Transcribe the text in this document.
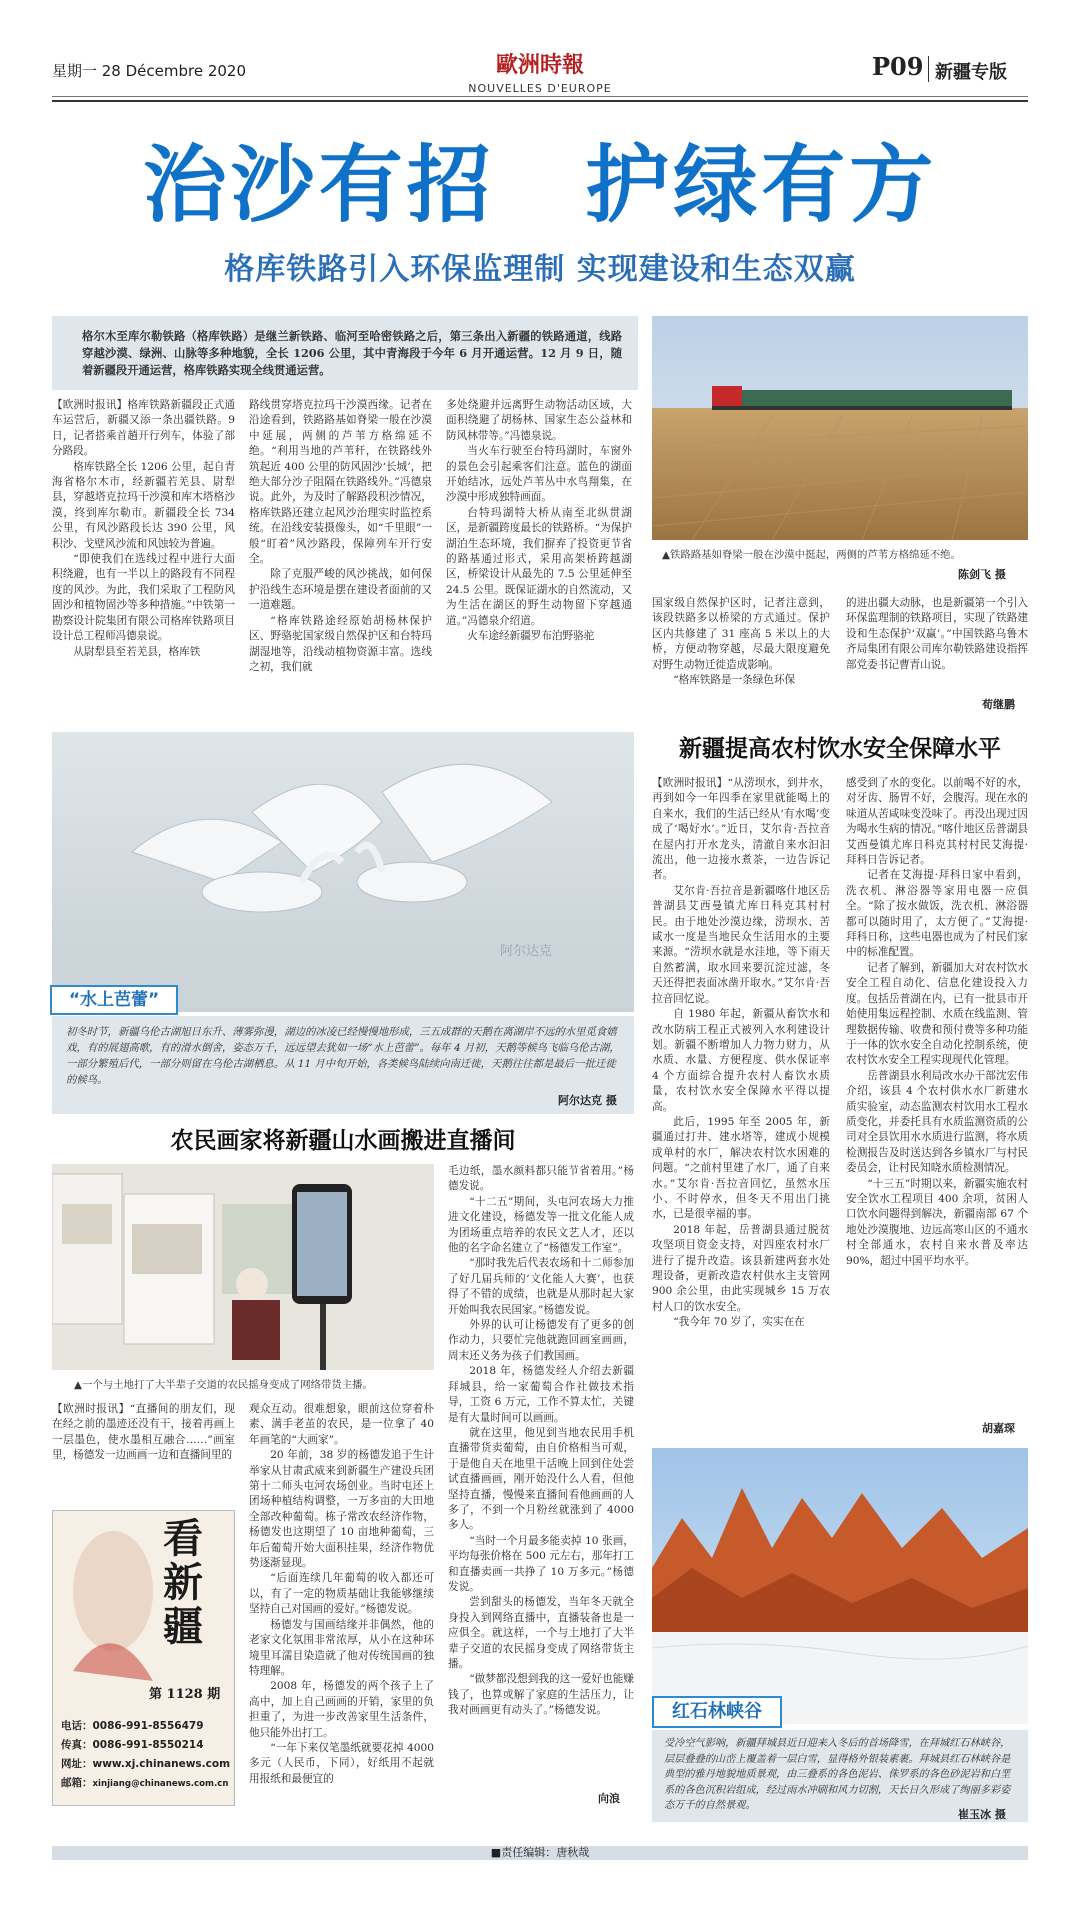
星期一 28 Décembre 2020	歐洲時報
NOUVELLES D'EUROPE
P09 新疆专版
治沙有招 护绿有方
格库铁路引入环保监理制 实现建设和生态双赢
格尔木至库尔勒铁路（格库铁路）是继兰新铁路、临河至哈密铁路之后，第三条出入新疆的铁路通道，线路穿越沙漠、绿洲、山脉等多种地貌，全长 1206 公里，其中青海段于今年 6 月开通运营。12 月 9 日，随着新疆段开通运营，格库铁路实现全线贯通运营。
▲铁路路基如脊梁一般在沙漠中挺起，两侧的芦苇方格绵延不绝。
陈剑飞 摄

【欧洲时报讯】格库铁路新疆段正式通车运营后，新疆又添一条出疆铁路。9 日，记者搭乘首趟开行列车，体验了部分路段。

格库铁路全长 1206 公里，起自青海省格尔木市，经新疆若羌县、尉犁县，穿越塔克拉玛干沙漠和库木塔格沙漠，终到库尔勒市。新疆段全长 734 公里，有风沙路段长达 390 公里，风积沙、戈壁风沙流和风蚀较为普遍。

“即使我们在选线过程中进行大面积绕避，也有一半以上的路段有不同程度的风沙。为此，我们采取了工程防风固沙和植物固沙等多种措施。”中铁第一勘察设计院集团有限公司格库铁路项目设计总工程师冯德泉说。

从尉犁县至若羌县，格库铁

路线贯穿塔克拉玛干沙漠西缘。记者在沿途看到，铁路路基如脊梁一般在沙漠中延展，两侧的芦苇方格绵延不绝。“利用当地的芦苇秆，在铁路线外筑起近 400 公里的防风固沙‘长城’，把绝大部分沙子阻隔在铁路线外。”冯德泉说。此外，为及时了解路段积沙情况，格库铁路还建立起风沙治理实时监控系统。在沿线安装摄像头，如“千里眼”一般“盯着”风沙路段，保障列车开行安全。

除了克服严峻的风沙挑战，如何保护沿线生态环境是摆在建设者面前的又一道难题。

“格库铁路途经原始胡杨林保护区、野骆驼国家级自然保护区和台特玛湖湿地等，沿线动植物资源丰富。选线之初，我们就

多处绕避并远离野生动物活动区域，大面积绕避了胡杨林、国家生态公益林和防风林带等。”冯德泉说。

当火车行驶至台特玛湖时，车窗外的景色会引起乘客们注意。蓝色的湖面开始结冰，远处芦苇丛中水鸟翔集，在沙漠中形成独特画面。

台特玛湖特大桥从南至北纵贯湖区，是新疆跨度最长的铁路桥。“为保护湖泊生态环境，我们摒弃了投资更节省的路基通过形式，采用高架桥跨越湖区，桥梁设计从最先的 7.5 公里延伸至 24.5 公里。既保证湖水的自然流动，又为生活在湖区的野生动物留下穿越通道。”冯德泉介绍道。

火车途经新疆罗布泊野骆驼

国家级自然保护区时，记者注意到，该段铁路多以桥梁的方式通过。保护区内共修建了 31 座高 5 米以上的大桥，方便动物穿越，尽最大限度避免对野生动物迁徙造成影响。

“格库铁路是一条绿色环保

的进出疆大动脉，也是新疆第一个引入环保监理制的铁路项目，实现了铁路建设和生态保护‘双赢’。”中国铁路乌鲁木齐局集团有限公司库尔勒铁路建设指挥部党委书记曹青山说。

荀继鹏
阿尔达克
“水上芭蕾”
初冬时节，新疆乌伦古湖旭日东升、薄雾弥漫，湖边的冰凌已经慢慢地形成，三五成群的天鹅在离湖岸不远的水里觅食嬉戏，有的展翅高歌，有的滑水倒舍，姿态万千，远远望去犹如一场“水上芭蕾”。每年 4 月初，天鹅等候鸟飞临乌伦古湖，一部分繁殖后代，一部分则留在乌伦古湖栖息。从 11 月中旬开始，各类候鸟陆续向南迁徙，天鹅往往都是最后一批迁徙的候鸟。
阿尔达克 摄
新疆提高农村饮水安全保障水平

【欧洲时报讯】“从涝坝水，到井水，再到如今一年四季在家里就能喝上的自来水，我们的生活已经从‘有水喝’变成了‘喝好水’。”近日，艾尔肯·吾拉音在屋内打开水龙头，清澈自来水汩汩流出，他一边接水煮茶，一边告诉记者。

艾尔肯·吾拉音是新疆喀什地区岳普湖县艾西曼镇尤库日科克其村村民。由于地处沙漠边缘，涝坝水、苦咸水一度是当地民众生活用水的主要来源。“涝坝水就是水洼地，等下雨天自然蓄满，取水回来要沉淀过滤，冬天还得把表面冰凿开取水。”艾尔肯·吾拉音回忆说。

自 1980 年起，新疆从畜饮水和改水防病工程正式被列入水利建设计划。新疆不断增加人力物力财力，从水质、水量、方便程度、供水保证率 4 个方面综合提升农村人畜饮水质量，农村饮水安全保障水平得以提高。

此后，1995 年至 2005 年，新疆通过打井、建水塔等，建成小规模成单村的水厂，解决农村饮水困难的问题。“之前村里建了水厂，通了自来水。”艾尔肯·吾拉音回忆，虽然水压小、不时停水，但冬天不用出门挑水，已是很幸福的事。

2018 年起，岳普湖县通过脱贫攻坚项目资金支持，对四座农村水厂进行了提升改造。该县新建两套水处理设备，更新改造农村供水主支管网 900 余公里，由此实现城乡 15 万农村人口的饮水安全。

“我今年 70 岁了，实实在在

感受到了水的变化。以前喝不好的水，对牙齿、肠胃不好，会腹泻。现在水的味道从苦咸味变没味了。再没出现过因为喝水生病的情况。”喀什地区岳普湖县艾西曼镇尤库日科克其村村民艾海提·拜科日告诉记者。

记者在艾海提·拜科日家中看到，洗衣机、淋浴器等家用电器一应俱全。“除了按水做饭，洗衣机、淋浴器都可以随时用了，太方便了。”艾海提·拜科日称，这些电器也成为了村民们家中的标准配置。

记者了解到，新疆加大对农村饮水安全工程自动化、信息化建设投入力度。包括岳普湖在内，已有一批县市开始使用集远程控制、水质在线监测、管理数据传输、收费和预付费等多种功能于一体的饮水安全自动化控制系统，使农村饮水安全工程实现现代化管理。

岳普湖县水利局改水办干部沈宏伟介绍，该县 4 个农村供水水厂新建水质实验室，动态监测农村饮用水工程水质变化，并委托具有水质监测资质的公司对全县饮用水水质进行监测，将水质检测报告及时送达到各乡镇水厂与村民委员会，让村民知晓水质检测情况。

“十三五”时期以来，新疆实施农村安全饮水工程项目 400 余项，贫困人口饮水问题得到解决，新疆南部 67 个地处沙漠腹地、边远高寒山区的不通水村全部通水，农村自来水普及率达 90%，超过中国平均水平。

胡嘉琛
农民画家将新疆山水画搬进直播间
▲一个与土地打了大半辈子交道的农民摇身变成了网络带货主播。

【欧洲时报讯】“直播间的朋友们，现在经之前的墨迹还没有干，接着再画上一层墨色，使水墨相互融合……”画室里，杨德发一边画画一边和直播间里的

观众互动。很难想象，眼前这位穿着朴素、满手老茧的农民，是一位拿了 40 年画笔的“大画家”。

20 年前，38 岁的杨德发追于生计举家从甘肃武威来到新疆生产建设兵团第十二师头屯河农场创业。当时屯还上团场种植结构调整，一万多亩的大田地全部改种葡萄。栋子常改农经济作物，杨德发也这期望了 10 亩地种葡萄，三年后葡萄开始大面积挂果，经济作物优势逐渐显现。

“后面连续几年葡萄的收入都还可以，有了一定的物质基础让我能够继续坚持自己对国画的爱好。”杨德发说。

杨德发与国画结缘并非偶然，他的老家文化氛围非常浓厚，从小在这种环境里耳濡目染造就了他对传统国画的独特理解。

2008 年，杨德发的两个孩子上了高中，加上自己画画的开销，家里的负担重了，为进一步改善家里生活条件，他只能外出打工。

“一年下来仅笔墨纸就要花掉 4000 多元（人民币，下同），好纸用不起就用报纸和最便宜的

毛边纸，墨水颜料都只能节省着用。”杨德发说。

“十二五”期间，头屯河农场大力推进文化建设，杨德发等一批文化能人成为团场重点培养的农民文艺人才，还以他的名字命名建立了“杨德发工作室”。

“那时我先后代表农场和十二师参加了好几届兵师的‘文化能人大赛’，也获得了不错的成绩，也就是从那时起大家开始叫我农民国家。”杨德发说。

外界的认可让杨德发有了更多的创作动力，只要忙完他就跑回画室画画，周末还义务为孩子们教国画。

2018 年，杨德发经人介绍去新疆拜城县，给一家葡萄合作社做技术指导，工资 6 万元，工作不算太忙，关键是有大量时间可以画画。

就在这里，他见到当地农民用手机直播带货卖葡萄，由自价格相当可观，于是他自天在地里干活晚上回到住处尝试直播画画，刚开始没什么人看，但他坚持直播，慢慢来直播间看他画画的人多了，不到一个月粉丝就涨到了 4000 多人。

“当时一个月最多能卖掉 10 张画，平均每张价格在 500 元左右，那年打工和直播卖画一共挣了 10 万多元。”杨德发说。

尝到甜头的杨德发，当年冬天就全身投入到网络直播中，直播装备也是一应俱全。就这样，一个与土地打了大半辈子交道的农民摇身变成了网络带货主播。

“做梦都没想到我的这一爱好也能赚钱了，也算或解了家庭的生活压力，让我对画画更有动头了。”杨德发说。

向浪
看
新
疆
第 1128 期
电话：0086-991-8556479
传真：0086-991-8550214
网址：www.xj.chinanews.com
邮箱：xinjiang@chinanews.com.cn
红石林峡谷
受冷空气影响，新疆拜城县近日迎来入冬后的首场降雪，在拜城红石林峡谷，层层叠叠的山峦上覆盖着一层白雪，显得格外银装素裹。拜城县红石林峡谷是典型的雅丹地貌地质景观，由三叠系的各色泥岩、侏罗系的各色砂泥岩和白垩系的各色沉积岩组成，经过雨水冲刷和风力切割，天长日久形成了绚丽多彩姿态万千的自然景观。
崔玉冰 摄
■责任编辑：唐秋哉
